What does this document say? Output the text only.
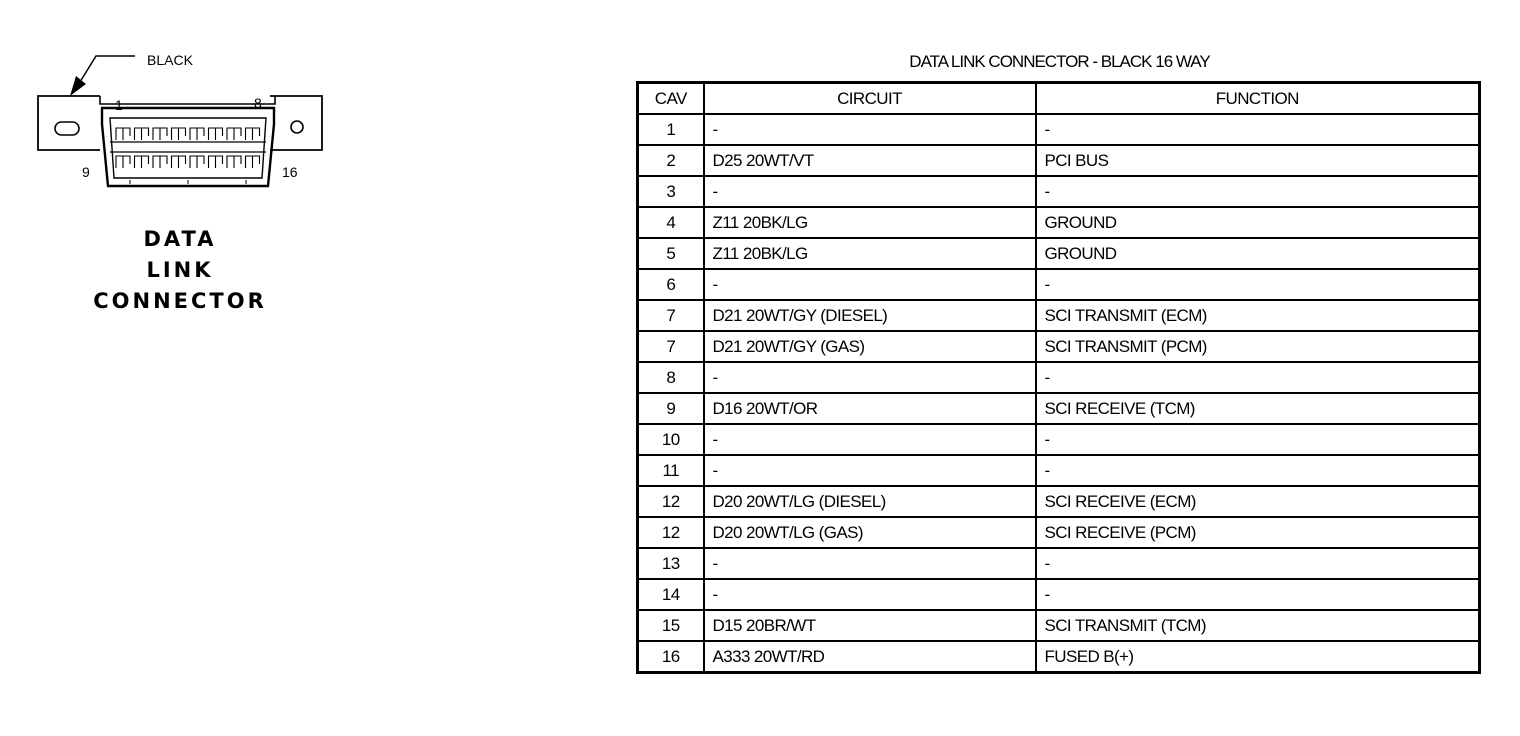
BLACK
1	8
9	16
DATA
LINK
CONNECTOR
DATA LINK CONNECTOR - BLACK 16 WAY
CAV	CIRCUIT	FUNCTION
1	-	-
2	D25 20WT/VT	PCI BUS
3	-	-
4	Z11 20BK/LG	GROUND
5	Z11 20BK/LG	GROUND
6	-	-
7	D21 20WT/GY (DIESEL)	SCI TRANSMIT (ECM)
7	D21 20WT/GY (GAS)	SCI TRANSMIT (PCM)
8	-	-
9	D16 20WT/OR	SCI RECEIVE (TCM)
10	-	-
11	-	-
12	D20 20WT/LG (DIESEL)	SCI RECEIVE (ECM)
12	D20 20WT/LG (GAS)	SCI RECEIVE (PCM)
13	-	-
14	-	-
15	D15 20BR/WT	SCI TRANSMIT (TCM)
16	A333 20WT/RD	FUSED B(+)
